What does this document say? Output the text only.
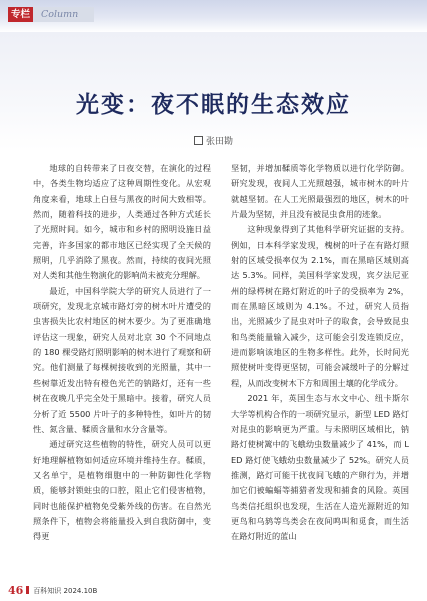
专栏	Column
光变：夜不眠的生态效应
张田勘

地球的自转带来了日夜交替，在演化的过程中，各类生物均适应了这种周期性变化。从宏观角度来看，地球上白昼与黑夜的时间大致相等。然而，随着科技的进步，人类通过各种方式延长了光照时间。如今，城市和乡村的照明设施日益完善，许多国家的都市地区已经实现了全天候的照明，几乎消除了黑夜。然而，持续的夜间光照对人类和其他生物演化的影响尚未被充分理解。

最近，中国科学院大学的研究人员进行了一项研究，发现北京城市路灯旁的树木叶片遭受的虫害损失比农村地区的树木要少。为了更准确地评估这一现象，研究人员对北京 30 个不同地点的 180 棵受路灯照明影响的树木进行了观察和研究。他们测量了每棵树接收到的光照量，其中一些树靠近发出特有橙色光芒的钠路灯，还有一些树在夜晚几乎完全处于黑暗中。接着，研究人员分析了近 5500 片叶子的多种特性，如叶片的韧性、氮含量、鞣质含量和水分含量等。

通过研究这些植物的特性，研究人员可以更好地理解植物如何适应环境并维持生存。鞣质，又名单宁，是植物细胞中的一种防御性化学物质，能够封锁蛀虫的口腔，阻止它们侵害植物，同时也能保护植物免受紫外线的伤害。在自然光照条件下，植物会将能量投入到自我防御中，变得更

坚韧，并增加鞣质等化学物质以进行化学防御。研究发现，夜间人工光照越强，城市树木的叶片就越坚韧。在人工光照最强烈的地区，树木的叶片最为坚韧，并且没有被昆虫食用的迹象。

这种现象得到了其他科学研究证据的支持。例如，日本科学家发现，槐树的叶子在有路灯照射的区域受损率仅为 2.1%，而在黑暗区域则高达 5.3%。同样，美国科学家发现，宾夕法尼亚州的绿梣树在路灯附近的叶子的受损率为 2%，而在黑暗区域则为 4.1%。不过，研究人员指出，光照减少了昆虫对叶子的取食，会导致昆虫和鸟类能量输入减少，这可能会引发连锁反应，进而影响该地区的生物多样性。此外，长时间光照使树叶变得更坚韧，可能会减缓叶子的分解过程，从而改变树木下方和周围土壤的化学成分。

2021 年，英国生态与水文中心、纽卡斯尔大学等机构合作的一项研究显示，新型 LED 路灯对昆虫的影响更为严重。与未照明区域相比，钠路灯使树篱中的飞蛾幼虫数量减少了 41%，而 LED 路灯使飞蛾幼虫数量减少了 52%。研究人员推测，路灯可能干扰夜间飞蛾的产卵行为，并增加它们被蝙蝠等捕猎者发现和捕食的风险。英国鸟类信托组织也发现，生活在人造光源附近的知更鸟和乌鸫等鸟类会在夜间鸣叫和觅食，而生活在路灯附近的蓝山

46 百科知识 2024.10B
